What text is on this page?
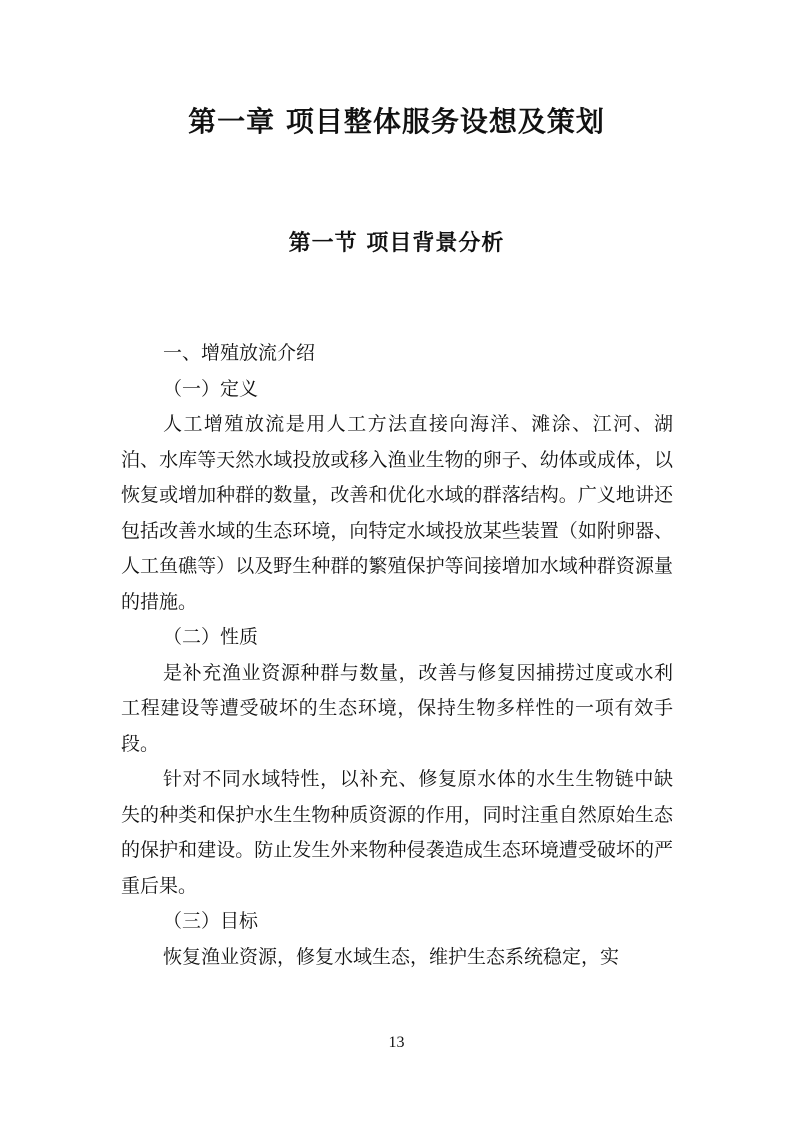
第一章 项目整体服务设想及策划
第一节 项目背景分析

一、增殖放流介绍

（一）定义

人工增殖放流是用人工方法直接向海洋、滩涂、江河、湖泊、水库等天然水域投放或移入渔业生物的卵子、幼体或成体，以恢复或增加种群的数量，改善和优化水域的群落结构。广义地讲还包括改善水域的生态环境，向特定水域投放某些装置（如附卵器、人工鱼礁等）以及野生种群的繁殖保护等间接增加水域种群资源量的措施。

（二）性质

是补充渔业资源种群与数量，改善与修复因捕捞过度或水利工程建设等遭受破坏的生态环境，保持生物多样性的一项有效手段。

针对不同水域特性，以补充、修复原水体的水生生物链中缺失的种类和保护水生生物种质资源的作用，同时注重自然原始生态的保护和建设。防止发生外来物种侵袭造成生态环境遭受破坏的严重后果。

（三）目标

恢复渔业资源，修复水域生态，维护生态系统稳定，实

13
